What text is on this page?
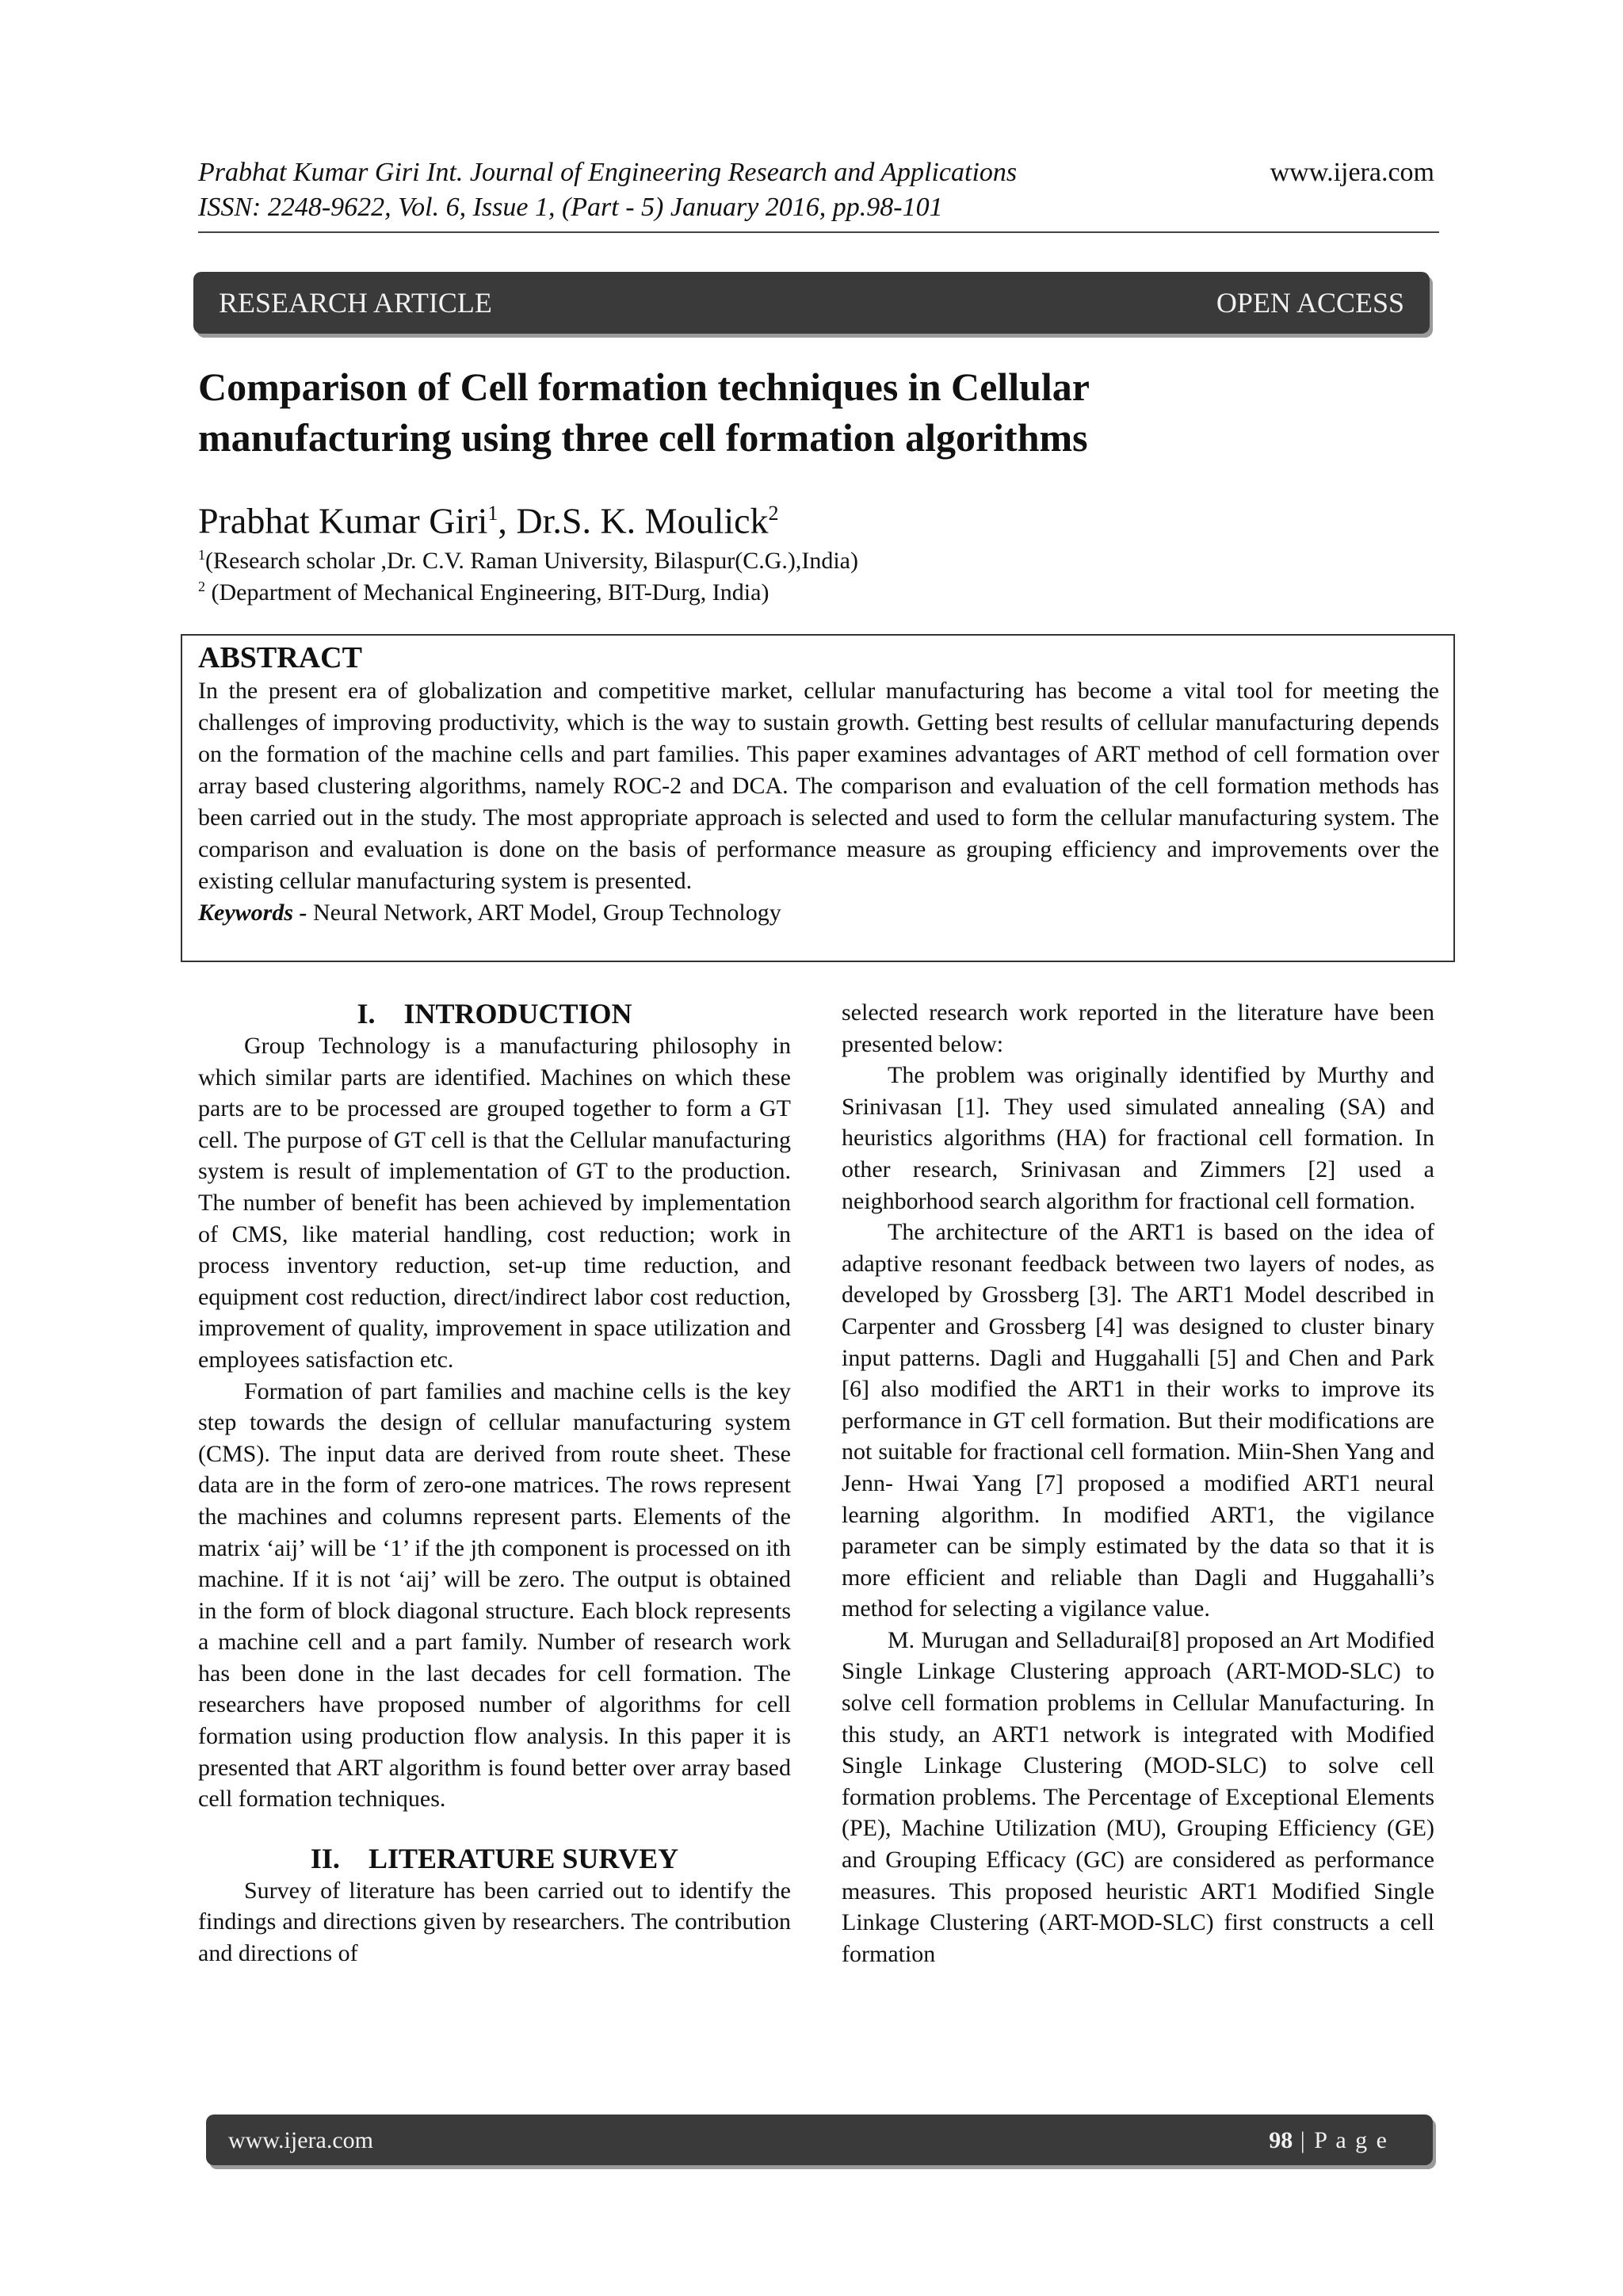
Prabhat Kumar Giri Int. Journal of Engineering Research and Applications
ISSN: 2248-9622, Vol. 6, Issue 1, (Part - 5) January 2016, pp.98-101
www.ijera.com
RESEARCH ARTICLE	OPEN ACCESS
Comparison of Cell formation techniques in Cellular
manufacturing using three cell formation algorithms
Prabhat Kumar Giri$^1$, Dr.S. K. Moulick$^2$
$^1$(Research scholar ,Dr. C.V. Raman University, Bilaspur(C.G.),India)
$^2$ (Department of Mechanical Engineering, BIT-Durg, India)
ABSTRACT
In the present era of globalization and competitive market, cellular manufacturing has become a vital tool for meeting the challenges of improving productivity, which is the way to sustain growth. Getting best results of cellular manufacturing depends on the formation of the machine cells and part families. This paper examines advantages of ART method of cell formation over array based clustering algorithms, namely ROC-2 and DCA. The comparison and evaluation of the cell formation methods has been carried out in the study. The most appropriate approach is selected and used to form the cellular manufacturing system. The comparison and evaluation is done on the basis of performance measure as grouping efficiency and improvements over the existing cellular manufacturing system is presented.
Keywords - Neural Network, ART Model, Group Technology
I. INTRODUCTION

Group Technology is a manufacturing philosophy in which similar parts are identified. Machines on which these parts are to be processed are grouped together to form a GT cell. The purpose of GT cell is that the Cellular manufacturing system is result of implementation of GT to the production. The number of benefit has been achieved by implementation of CMS, like material handling, cost reduction; work in process inventory reduction, set-up time reduction, and equipment cost reduction, direct/indirect labor cost reduction, improvement of quality, improvement in space utilization and employees satisfaction etc.

Formation of part families and machine cells is the key step towards the design of cellular manufacturing system (CMS). The input data are derived from route sheet. These data are in the form of zero-one matrices. The rows represent the machines and columns represent parts. Elements of the matrix ‘aij’ will be ‘1’ if the jth component is processed on ith machine. If it is not ‘aij’ will be zero. The output is obtained in the form of block diagonal structure. Each block represents a machine cell and a part family. Number of research work has been done in the last decades for cell formation. The researchers have proposed number of algorithms for cell formation using production flow analysis. In this paper it is presented that ART algorithm is found better over array based cell formation techniques.

II. LITERATURE SURVEY

Survey of literature has been carried out to identify the findings and directions given by researchers. The contribution and directions of

selected research work reported in the literature have been presented below:

The problem was originally identified by Murthy and Srinivasan [1]. They used simulated annealing (SA) and heuristics algorithms (HA) for fractional cell formation. In other research, Srinivasan and Zimmers [2] used a neighborhood search algorithm for fractional cell formation.

The architecture of the ART1 is based on the idea of adaptive resonant feedback between two layers of nodes, as developed by Grossberg [3]. The ART1 Model described in Carpenter and Grossberg [4] was designed to cluster binary input patterns. Dagli and Huggahalli [5] and Chen and Park [6] also modified the ART1 in their works to improve its performance in GT cell formation. But their modifications are not suitable for fractional cell formation. Miin-Shen Yang and Jenn- Hwai Yang [7] proposed a modified ART1 neural learning algorithm. In modified ART1, the vigilance parameter can be simply estimated by the data so that it is more efficient and reliable than Dagli and Huggahalli’s method for selecting a vigilance value.

M. Murugan and Selladurai[8] proposed an Art Modified Single Linkage Clustering approach (ART-MOD-SLC) to solve cell formation problems in Cellular Manufacturing. In this study, an ART1 network is integrated with Modified Single Linkage Clustering (MOD-SLC) to solve cell formation problems. The Percentage of Exceptional Elements (PE), Machine Utilization (MU), Grouping Efficiency (GE) and Grouping Efficacy (GC) are considered as performance measures. This proposed heuristic ART1 Modified Single Linkage Clustering (ART-MOD-SLC) first constructs a cell formation

www.ijera.com	98 | P a g e
